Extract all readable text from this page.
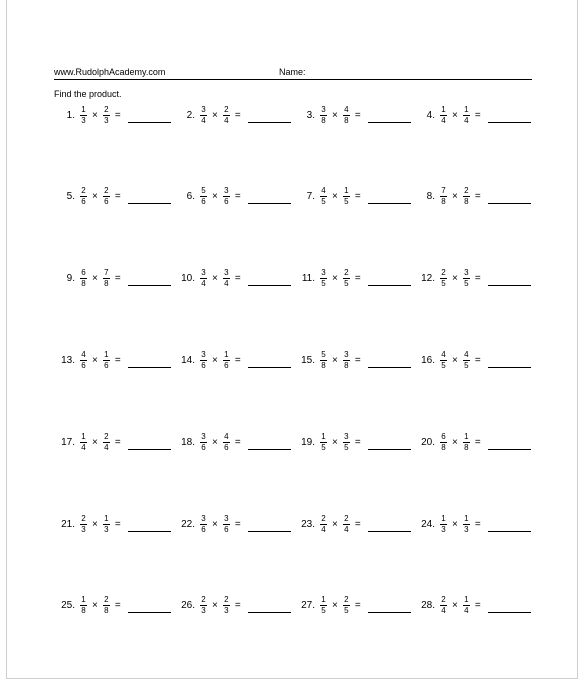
www.RudolphAcademy.com	Name:
Find the product.
1. $\frac{1}{3} \times \frac{2}{3}$ =	2. $\frac{3}{4} \times \frac{2}{4}$ =	3. $\frac{3}{8} \times \frac{4}{8}$ =	4. $\frac{1}{4} \times \frac{1}{4}$ =
5. $\frac{2}{6} \times \frac{2}{6}$ =	6. $\frac{5}{6} \times \frac{3}{6}$ =	7. $\frac{4}{5} \times \frac{1}{5}$ =	8. $\frac{7}{8} \times \frac{2}{8}$ =
9. $\frac{6}{8} \times \frac{7}{8}$ =	10. $\frac{3}{4} \times \frac{3}{4}$ =	11. $\frac{3}{5} \times \frac{2}{5}$ =	12. $\frac{2}{5} \times \frac{3}{5}$ =
13. $\frac{4}{6} \times \frac{1}{6}$ =	14. $\frac{3}{6} \times \frac{1}{6}$ =	15. $\frac{5}{8} \times \frac{3}{8}$ =	16. $\frac{4}{5} \times \frac{4}{5}$ =
17. $\frac{1}{4} \times \frac{2}{4}$ =	18. $\frac{3}{6} \times \frac{4}{6}$ =	19. $\frac{1}{5} \times \frac{3}{5}$ =	20. $\frac{6}{8} \times \frac{1}{8}$ =
21. $\frac{2}{3} \times \frac{1}{3}$ =	22. $\frac{3}{6} \times \frac{3}{6}$ =	23. $\frac{2}{4} \times \frac{2}{4}$ =	24. $\frac{1}{3} \times \frac{1}{3}$ =
25. $\frac{1}{8} \times \frac{2}{8}$ =	26. $\frac{2}{3} \times \frac{2}{3}$ =	27. $\frac{1}{5} \times \frac{2}{5}$ =	28. $\frac{2}{4} \times \frac{1}{4}$ =
